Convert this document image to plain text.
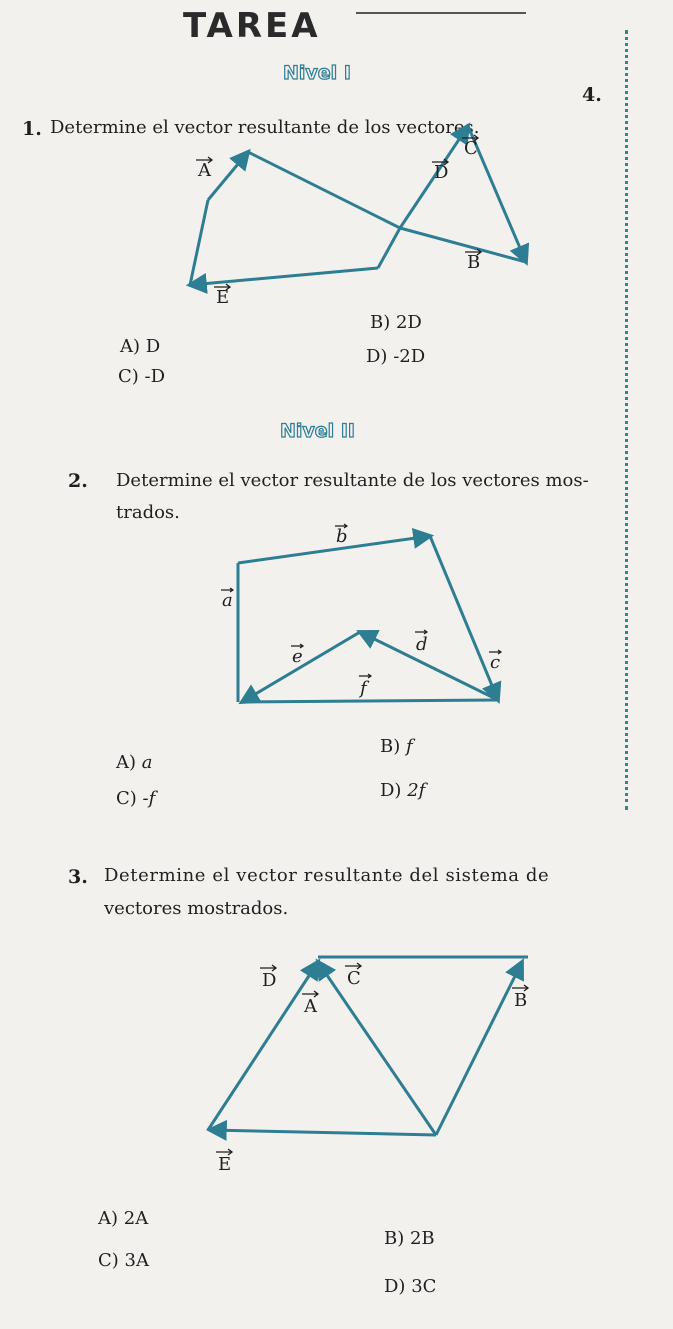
TAREA
Nivel I
1. Determine el vector resultante de los vectores.
4.
A
C
D
B
E
b
a
e
d
c
f
D
A
C
B
E
A) D
B) 2D
C) -D
D) -2D
Nivel II
2. Determine el vector resultante de los vectores mos-
trados.
A) a
B) f
C) -f	D) 2f
3. Determine el vector resultante del sistema de
vectores mostrados.
A) 2A
B) 2B
C) 3A
D) 3C
